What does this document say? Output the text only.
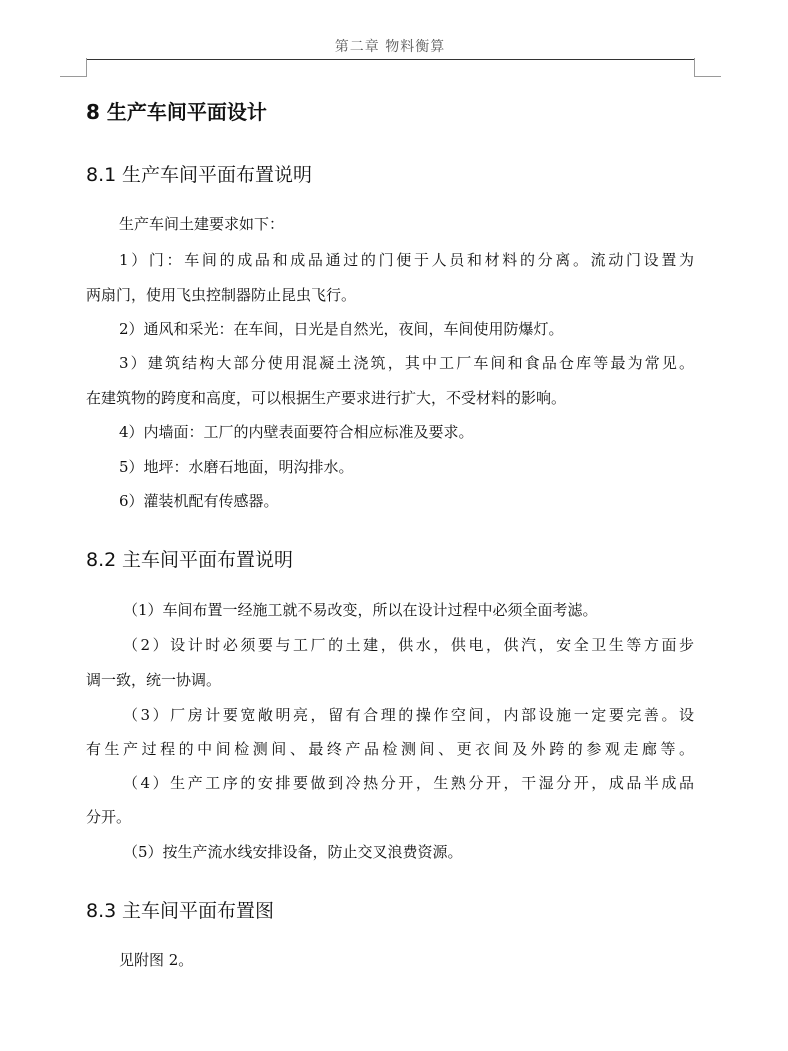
第二章 物料衡算
8 生产车间平面设计
8.1 生产车间平面布置说明
生产车间土建要求如下：
1）门：车间的成品和成品通过的门便于人员和材料的分离。流动门设置为
两扇门，使用飞虫控制器防止昆虫飞行。
2）通风和采光：在车间，日光是自然光，夜间，车间使用防爆灯。
3）建筑结构大部分使用混凝土浇筑，其中工厂车间和食品仓库等最为常见。
在建筑物的跨度和高度，可以根据生产要求进行扩大，不受材料的影响。
4）内墙面：工厂的内壁表面要符合相应标准及要求。
5）地坪：水磨石地面，明沟排水。
6）灌装机配有传感器。
8.2 主车间平面布置说明
（1）车间布置一经施工就不易改变，所以在设计过程中必须全面考滤。
（2）设计时必须要与工厂的土建，供水，供电，供汽，安全卫生等方面步
调一致，统一协调。
（3）厂房计要宽敞明亮，留有合理的操作空间，内部设施一定要完善。设
有生产过程的中间检测间、最终产品检测间、更衣间及外跨的参观走廊等。
（4）生产工序的安排要做到冷热分开，生熟分开，干湿分开，成品半成品
分开。
（5）按生产流水线安排设备，防止交叉浪费资源。
8.3 主车间平面布置图
见附图 2。
